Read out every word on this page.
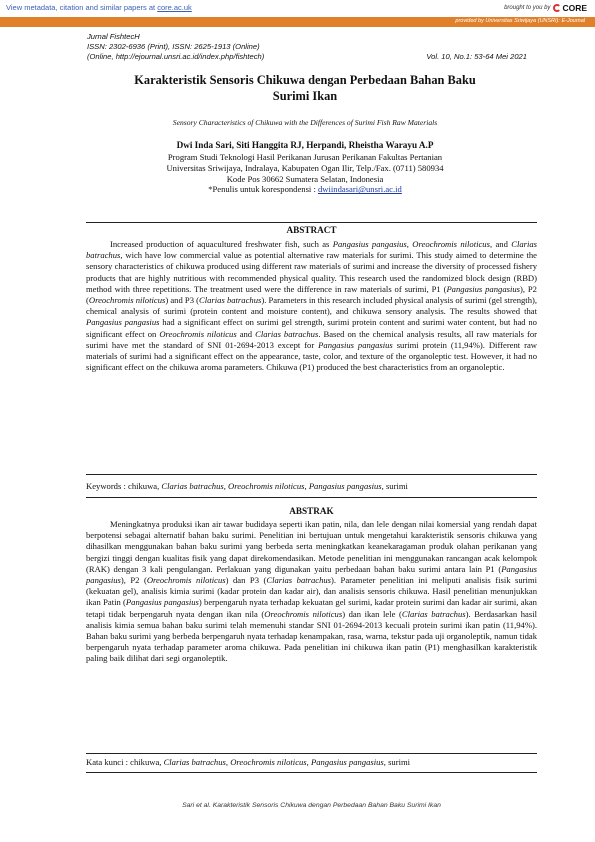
View metadata, citation and similar papers at core.ac.uk	brought to you by CORE
provided by Universitas Sriwijaya (UNSRI): E-Journal
Jurnal FishtecH
ISSN: 2302-6936 (Print), ISSN: 2625-1913 (Online)
(Online, http://ejournal.unsri.ac.id/index.php/fishtech)	Vol. 10, No.1: 53-64 Mei 2021
Karakteristik Sensoris Chikuwa dengan Perbedaan Bahan Baku
Surimi Ikan
Sensory Characteristics of Chikuwa with the Differences of Surimi Fish Raw Materials
Dwi Inda Sari, Siti Hanggita RJ, Herpandi, Rheistha Warayu A.P
Program Studi Teknologi Hasil Perikanan Jurusan Perikanan Fakultas Pertanian
Universitas Sriwijaya, Indralaya, Kabupaten Ogan Ilir, Telp./Fax. (0711) 580934
Kode Pos 30662 Sumatera Selatan, Indonesia
*Penulis untuk korespondensi : dwiindasari@unsri.ac.id
ABSTRACT

Increased production of aquacultured freshwater fish, such as Pangasius pangasius, Oreochromis niloticus, and Clarias batrachus, wich have low commercial value as potential alternative raw materials for surimi. This study aimed to determine the sensory characteristics of chikuwa produced using different raw materials of surimi and increase the diversity of processed fishery products that are highly nutritious with recommended physical quality. This research used the randomized block design (RBD) method with three repetitions. The treatment used were the difference in raw materials of surimi, P1 (Pangasius pangasius), P2 (Oreochromis niloticus) and P3 (Clarias batrachus). Parameters in this research included physical analysis of surimi (gel strength), chemical analysis of surimi (protein content and moisture content), and chikuwa sensory analysis. The results showed that Pangasius pangasius had a significant effect on surimi gel strength, surimi protein content and surimi water content, but had no significant effect on Oreochromis niloticus and Clarias batrachus. Based on the chemical analysis results, all raw materials for surimi have met the standard of SNI 01-2694-2013 except for Pangasius pangasius surimi protein (11,94%). Different raw materials of surimi had a significant effect on the appearance, taste, color, and texture of the organoleptic test. However, it had no significant effect on the chikuwa aroma parameters. Chikuwa (P1) produced the best characteristics from an organoleptic.

Keywords : chikuwa, Clarias batrachus, Oreochromis niloticus, Pangasius pangasius, surimi
ABSTRAK

Meningkatnya produksi ikan air tawar budidaya seperti ikan patin, nila, dan lele dengan nilai komersial yang rendah dapat berpotensi sebagai alternatif bahan baku surimi. Penelitian ini bertujuan untuk mengetahui karakteristik sensoris chikuwa yang dihasilkan menggunakan bahan baku surimi yang berbeda serta meningkatkan keanekaragaman produk olahan perikanan yang bergizi tinggi dengan kualitas fisik yang dapat direkomendasikan. Metode penelitian ini menggunakan rancangan acak kelompok (RAK) dengan 3 kali pengulangan. Perlakuan yang digunakan yaitu perbedaan bahan baku surimi antara lain P1 (Pangasius pangasius), P2 (Oreochromis niloticus) dan P3 (Clarias batrachus). Parameter penelitian ini meliputi analisis fisik surimi (kekuatan gel), analisis kimia surimi (kadar protein dan kadar air), dan analisis sensoris chikuwa. Hasil penelitian menunjukkan ikan Patin (Pangasius pangasius) berpengaruh nyata terhadap kekuatan gel surimi, kadar protein surimi dan kadar air surimi, akan tetapi tidak berpengaruh nyata dengan ikan nila (Oreochromis niloticus) dan ikan lele (Clarias batrachus). Berdasarkan hasil analisis kimia semua bahan baku surimi telah memenuhi standar SNI 01-2694-2013 kecuali protein surimi ikan patin (11,94%). Bahan baku surimi yang berbeda berpengaruh nyata terhadap kenampakan, rasa, warna, tekstur pada uji organoleptik, namun tidak berpengaruh nyata terhadap parameter aroma chikuwa. Pada penelitian ini chikuwa ikan patin (P1) menghasilkan karakteristik paling baik dilihat dari segi organoleptik.

Kata kunci : chikuwa, Clarias batrachus, Oreochromis niloticus, Pangasius pangasius, surimi
Sari et al. Karakteristik Sensoris Chikuwa dengan Perbedaan Bahan Baku Surimi Ikan
